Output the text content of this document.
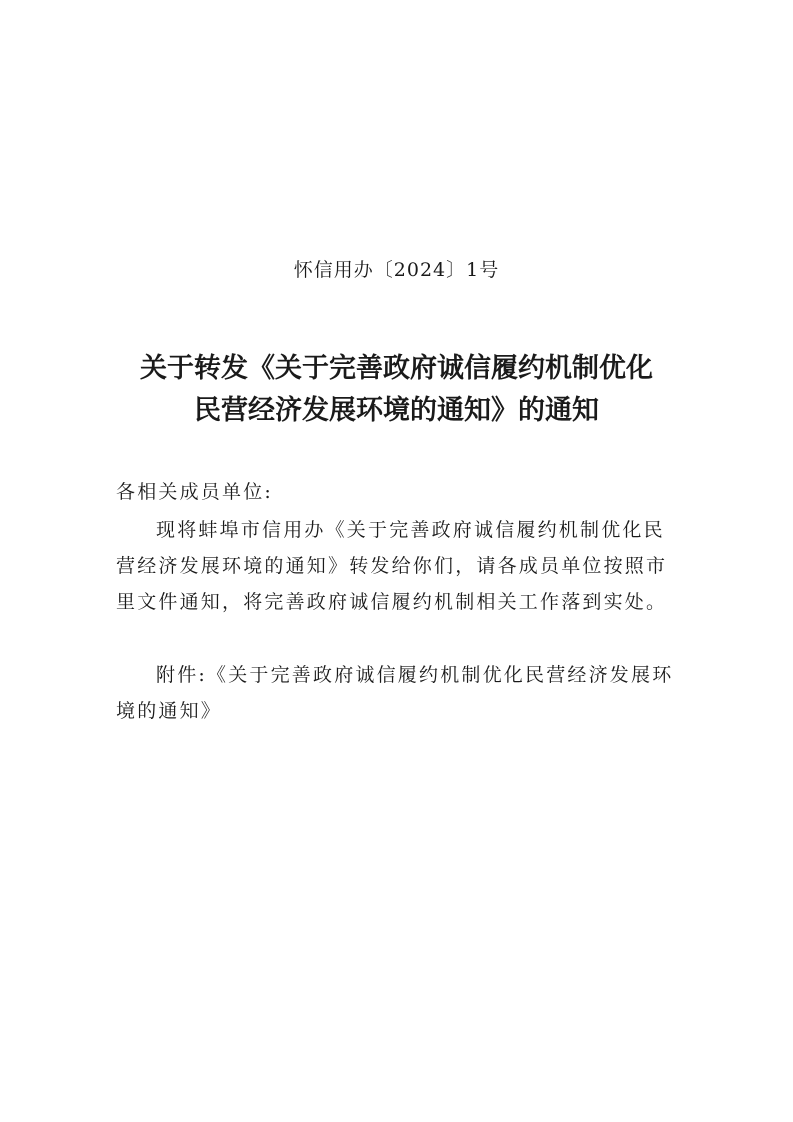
怀信用办〔2024〕1号
关于转发《关于完善政府诚信履约机制优化
民营经济发展环境的通知》的通知
各相关成员单位:
现将蚌埠市信用办《关于完善政府诚信履约机制优化民营经济发展环境的通知》转发给你们，请各成员单位按照市里文件通知，将完善政府诚信履约机制相关工作落到实处。
附件:《关于完善政府诚信履约机制优化民营经济发展环境的通知》
